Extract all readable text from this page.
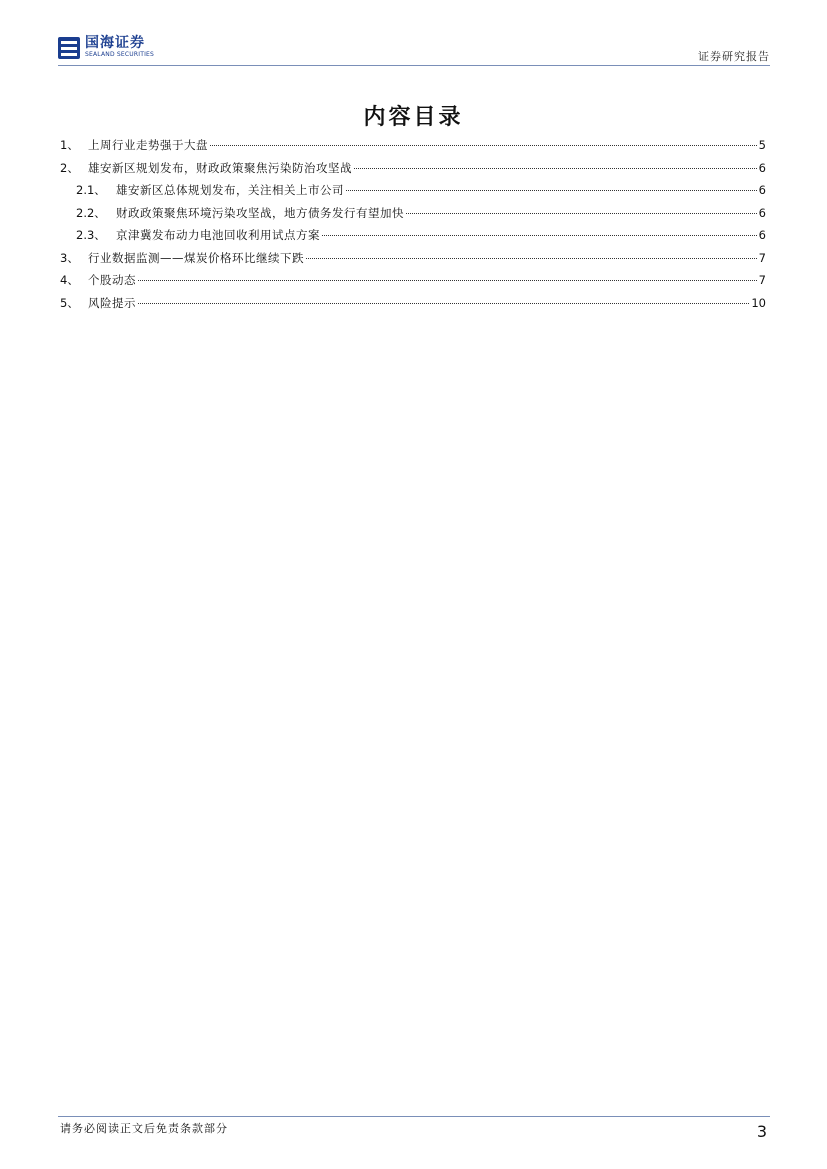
国海证券
SEALAND SECURITIES	证券研究报告
内容目录
1、 上周行业走势强于大盘	5
2、 雄安新区规划发布，财政政策聚焦污染防治攻坚战	6
2.1、 雄安新区总体规划发布，关注相关上市公司	6
2.2、 财政政策聚焦环境污染攻坚战，地方债务发行有望加快	6
2.3、 京津冀发布动力电池回收利用试点方案	6
3、 行业数据监测——煤炭价格环比继续下跌	7
4、 个股动态	7
5、 风险提示	10
请务必阅读正文后免责条款部分	3
